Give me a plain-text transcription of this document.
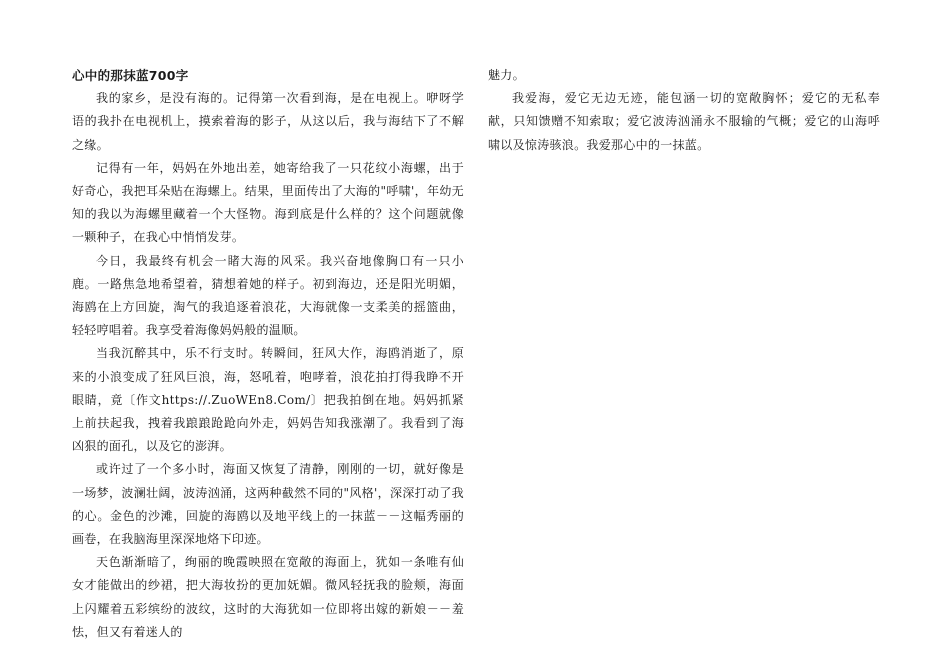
心中的那抹蓝700字

我的家乡，是没有海的。记得第一次看到海，是在电视上。咿呀学语的我扑在电视机上，摸索着海的影子，从这以后，我与海结下了不解之缘。

记得有一年，妈妈在外地出差，她寄给我了一只花纹小海螺，出于好奇心，我把耳朵贴在海螺上。结果，里面传出了大海的"呼啸'，年幼无知的我以为海螺里藏着一个大怪物。海到底是什么样的？这个问题就像一颗种子，在我心中悄悄发芽。

今日，我最终有机会一睹大海的风采。我兴奋地像胸口有一只小鹿。一路焦急地希望着，猜想着她的样子。初到海边，还是阳光明媚，海鸥在上方回旋，淘气的我追逐着浪花，大海就像一支柔美的摇篮曲，轻轻哼唱着。我享受着海像妈妈般的温顺。

当我沉醉其中，乐不行支时。转瞬间，狂风大作，海鸥消逝了，原来的小浪变成了狂风巨浪，海，怒吼着，咆哮着，浪花拍打得我睁不开眼睛，竟〔作文https://.ZuoWEn8.Com/〕把我拍倒在地。妈妈抓紧上前扶起我，拽着我踉踉跄跄向外走，妈妈告知我涨潮了。我看到了海凶狠的面孔，以及它的澎湃。

或许过了一个多小时，海面又恢复了清静，刚刚的一切，就好像是一场梦，波澜壮阔，波涛汹涌，这两种截然不同的"风格'，深深打动了我的心。金色的沙滩，回旋的海鸥以及地平线上的一抹蓝－－这幅秀丽的画卷，在我脑海里深深地烙下印迹。

天色渐渐暗了，绚丽的晚霞映照在宽敞的海面上，犹如一条唯有仙女才能做出的纱裙，把大海妆扮的更加妩媚。微风轻抚我的脸颊，海面上闪耀着五彩缤纷的波纹，这时的大海犹如一位即将出嫁的新娘－－羞怯，但又有着迷人的

魅力。

我爱海，爱它无边无迹，能包涵一切的宽敞胸怀；爱它的无私奉献，只知馈赠不知索取；爱它波涛汹涌永不服输的气概；爱它的山海呼啸以及惊涛骇浪。我爱那心中的一抹蓝。
